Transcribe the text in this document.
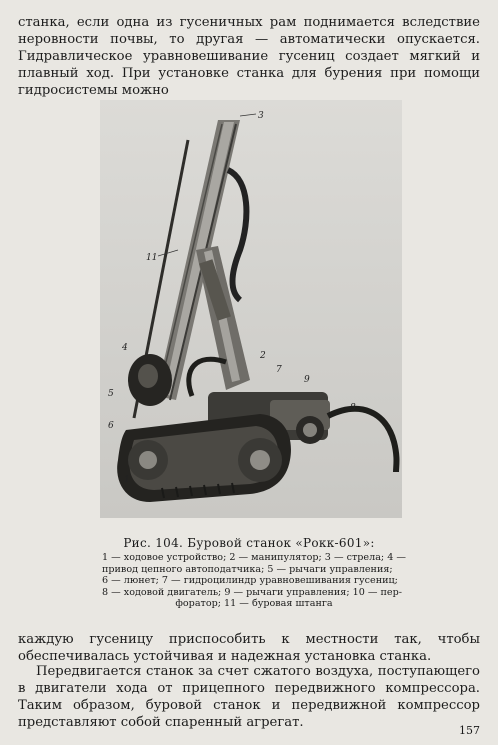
станка, если одна из гусеничных рам поднимается вследствие неровности почвы, то другая — автоматически опускается. Гидравлическое уравновешивание гусениц создает мягкий и плавный ход. При установке станка для бурения при помощи гидросистемы можно

3
11
4
5
6
2
7
9
8
1
Рис. 104. Буровой станок «Рокк-601»:
1 — ходовое устройство; 2 — манипулятор; 3 — стрела; 4 —
привод цепного автоподатчика; 5 — рычаги управления;
6 — люнет; 7 — гидроцилиндр уравновешивания гусениц;
8 — ходовой двигатель; 9 — рычаги управления; 10 — пер-
форатор; 11 — буровая штанга

каждую гусеницу приспособить к местности так, чтобы обеспечивалась устойчивая и надежная установка станка.

Передвигается станок за счет сжатого воздуха, поступающего в двигатели хода от прицепного передвижного компрессора. Таким образом, буровой станок и передвижной компрессор представляют собой спаренный агрегат.

157
